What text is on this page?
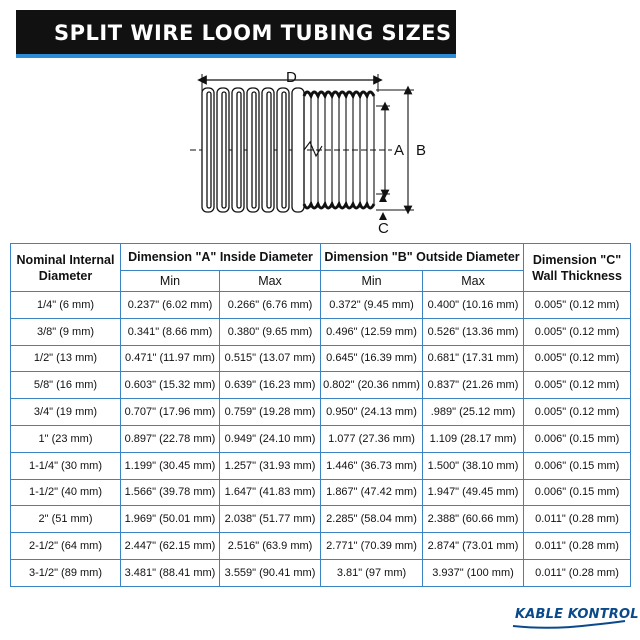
SPLIT WIRE LOOM TUBING SIZES
D
A B
C
Nominal Internal Diameter	Dimension "A" Inside Diameter		Dimension "B" Outside Diameter		Dimension "C" Wall Thickness
	Min	Max	Min	Max	
1/4" (6 mm)	0.237" (6.02 mm)	0.266" (6.76 mm)	0.372" (9.45 mm)	0.400" (10.16 mm)	0.005" (0.12 mm)
3/8" (9 mm)	0.341" (8.66 mm)	0.380" (9.65 mm)	0.496" (12.59 mm)	0.526" (13.36 mm)	0.005" (0.12 mm)
1/2" (13 mm)	0.471" (11.97 mm)	0.515" (13.07 mm)	0.645" (16.39 mm)	0.681" (17.31 mm)	0.005" (0.12 mm)
5/8" (16 mm)	0.603" (15.32 mm)	0.639" (16.23 mm)	0.802" (20.36 nmm)	0.837" (21.26 mm)	0.005" (0.12 mm)
3/4" (19 mm)	0.707" (17.96 mm)	0.759" (19.28 mm)	0.950" (24.13 mm)	.989" (25.12 mm)	0.005" (0.12 mm)
1" (23 mm)	0.897" (22.78 mm)	0.949" (24.10 mm)	1.077 (27.36 mm)	1.109 (28.17 mm)	0.006" (0.15 mm)
1-1/4" (30 mm)	1.199" (30.45 mm)	1.257" (31.93 mm)	1.446" (36.73 mm)	1.500" (38.10 mm)	0.006" (0.15 mm)
1-1/2" (40 mm)	1.566" (39.78 mm)	1.647" (41.83 mm)	1.867" (47.42 mm)	1.947" (49.45 mm)	0.006" (0.15 mm)
2" (51 mm)	1.969" (50.01 mm)	2.038" (51.77 mm)	2.285" (58.04 mm)	2.388" (60.66 mm)	0.011" (0.28 mm)
2-1/2" (64 mm)	2.447" (62.15 mm)	2.516" (63.9 mm)	2.771" (70.39 mm)	2.874" (73.01 mm)	0.011" (0.28 mm)
3-1/2" (89 mm)	3.481" (88.41 mm)	3.559" (90.41 mm)	3.81" (97 mm)	3.937" (100 mm)	0.011" (0.28 mm)
KABLE KONTROL
